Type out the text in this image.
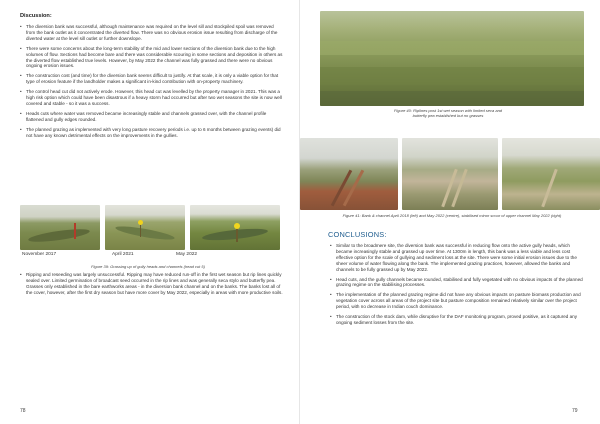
Discussion:
• The diversion bank was successful, although maintenance was required on the level sill and stockpiled spoil was removed from the bank outlet as it concentrated the diverted flow. There was no obvious erosion issue resulting from discharge of the diverted water at the level sill outlet or further downslope.
• There were some concerns about the long-term stability of the mid and lower sections of the diversion bank due to the high volumes of flow. Sections had become bare and there was considerable scouring in some sections and deposition in others as the diverted flow established true levels. However, by May 2022 the channel was fully grassed and there were no obvious ongoing erosion issues.
• The construction cost (and time) for the diversion bank seems difficult to justify. At that scale, it is only a viable option for that type of erosion feature if the landholder makes a significant in-kind contribution with on-property machinery.
• The control head cut did not actively erode. However, this head cut was levelled by the property manager in 2021. This was a high risk option which could have been disastrous if a heavy storm had occurred but after two wet seasons the site is now well covered and stable - so it was a success.
• Heads cuts where water was removed became increasingly stable and channels grassed over, with the channel profile flattened and gully edges rounded.
• The planned grazing as implemented with very long pasture recovery periods i.e. up to 6 months between grazing events) did not have any known detrimental effects on the improvements in the gullies.
November 2017	April 2021	May 2022
Figure 39: Grassing up of gully heads and channels (head cut 5)
• Ripping and reseeding was largely unsuccessful. Ripping may have reduced run-off in the first wet season but rip lines quickly sealed over. Limited germination of broadcast seed occurred in the rip lines and was generally seca stylo and butterfly pea. Grasses only established in the bare earthworks areas - in the diversion bank channel and on the banks. The banks lost all of the cover, however, after the first dry season but have more cover by May 2022, especially in areas with more productive soils.
78
Figure 40: Riplines post 1st wet season with limited seca and butterfly pea established but no grasses
Figure 41: Bank & channel April 2018 (left) and May 2022 (centre), stabilised minor scour of upper channel May 2022 (right)
CONCLUSIONS:
• Similar to the broadmere site, the diversion bank was successful in reducing flow onto the active gully heads, which became increasingly stable and grassed up over time. At 1300m in length, this bank was a less viable and less cost effective option for the scale of gullying and sediment loss at the site. There were some initial erosion issues due to the sheer volume of water flowing along the bank. The implemented grazing practices, however, allowed the banks and channels to be fully grassed up by May 2022.
• Head cuts, and the gully channels became rounded, stabilised and fully vegetated with no obvious impacts of the planned grazing regime on the stabilising processes.
• The implementation of the planned grazing regime did not have any obvious impacts on pasture biomass production and vegetation cover across all areas of the project site but pasture composition remained relatively similar over the project period, with no decrease in Indian couch dominance.
• The construction of the stock dam, while disruptive for the DAF monitoring program, proved positive, as it captured any ongoing sediment losses from the site.
79
